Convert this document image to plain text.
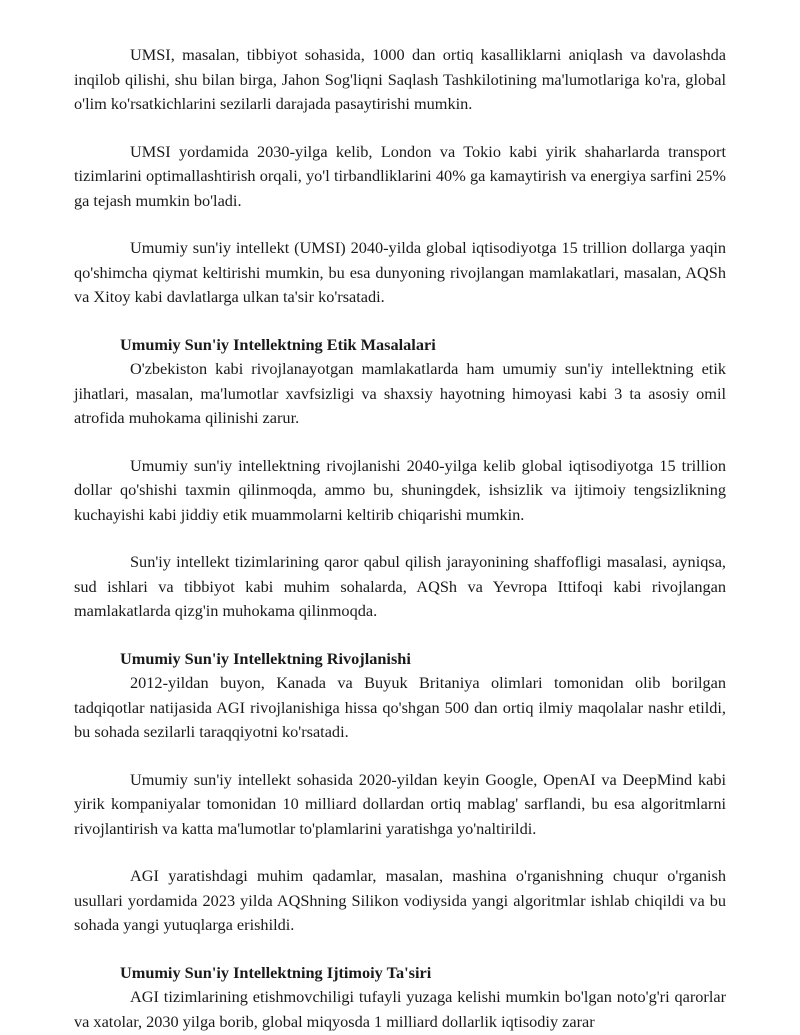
UMSI, masalan, tibbiyot sohasida, 1000 dan ortiq kasalliklarni aniqlash va davolashda inqilob qilishi, shu bilan birga, Jahon Sog'liqni Saqlash Tashkilotining ma'lumotlariga ko'ra, global o'lim ko'rsatkichlarini sezilarli darajada pasaytirishi mumkin.

UMSI yordamida 2030-yilga kelib, London va Tokio kabi yirik shaharlarda transport tizimlarini optimallashtirish orqali, yo'l tirbandliklarini 40% ga kamaytirish va energiya sarfini 25% ga tejash mumkin bo'ladi.

Umumiy sun'iy intellekt (UMSI) 2040-yilda global iqtisodiyotga 15 trillion dollarga yaqin qo'shimcha qiymat keltirishi mumkin, bu esa dunyoning rivojlangan mamlakatlari, masalan, AQSh va Xitoy kabi davlatlarga ulkan ta'sir ko'rsatadi.

Umumiy Sun'iy Intellektning Etik Masalalari

O'zbekiston kabi rivojlanayotgan mamlakatlarda ham umumiy sun'iy intellektning etik jihatlari, masalan, ma'lumotlar xavfsizligi va shaxsiy hayotning himoyasi kabi 3 ta asosiy omil atrofida muhokama qilinishi zarur.

Umumiy sun'iy intellektning rivojlanishi 2040-yilga kelib global iqtisodiyotga 15 trillion dollar qo'shishi taxmin qilinmoqda, ammo bu, shuningdek, ishsizlik va ijtimoiy tengsizlikning kuchayishi kabi jiddiy etik muammolarni keltirib chiqarishi mumkin.

Sun'iy intellekt tizimlarining qaror qabul qilish jarayonining shaffofligi masalasi, ayniqsa, sud ishlari va tibbiyot kabi muhim sohalarda, AQSh va Yevropa Ittifoqi kabi rivojlangan mamlakatlarda qizg'in muhokama qilinmoqda.

Umumiy Sun'iy Intellektning Rivojlanishi

2012-yildan buyon, Kanada va Buyuk Britaniya olimlari tomonidan olib borilgan tadqiqotlar natijasida AGI rivojlanishiga hissa qo'shgan 500 dan ortiq ilmiy maqolalar nashr etildi, bu sohada sezilarli taraqqiyotni ko'rsatadi.

Umumiy sun'iy intellekt sohasida 2020-yildan keyin Google, OpenAI va DeepMind kabi yirik kompaniyalar tomonidan 10 milliard dollardan ortiq mablag' sarflandi, bu esa algoritmlarni rivojlantirish va katta ma'lumotlar to'plamlarini yaratishga yo'naltirildi.

AGI yaratishdagi muhim qadamlar, masalan, mashina o'rganishning chuqur o'rganish usullari yordamida 2023 yilda AQShning Silikon vodiysida yangi algoritmlar ishlab chiqildi va bu sohada yangi yutuqlarga erishildi.

Umumiy Sun'iy Intellektning Ijtimoiy Ta'siri

AGI tizimlarining etishmovchiligi tufayli yuzaga kelishi mumkin bo'lgan noto'g'ri qarorlar va xatolar, 2030 yilga borib, global miqyosda 1 milliard dollarlik iqtisodiy zarar
